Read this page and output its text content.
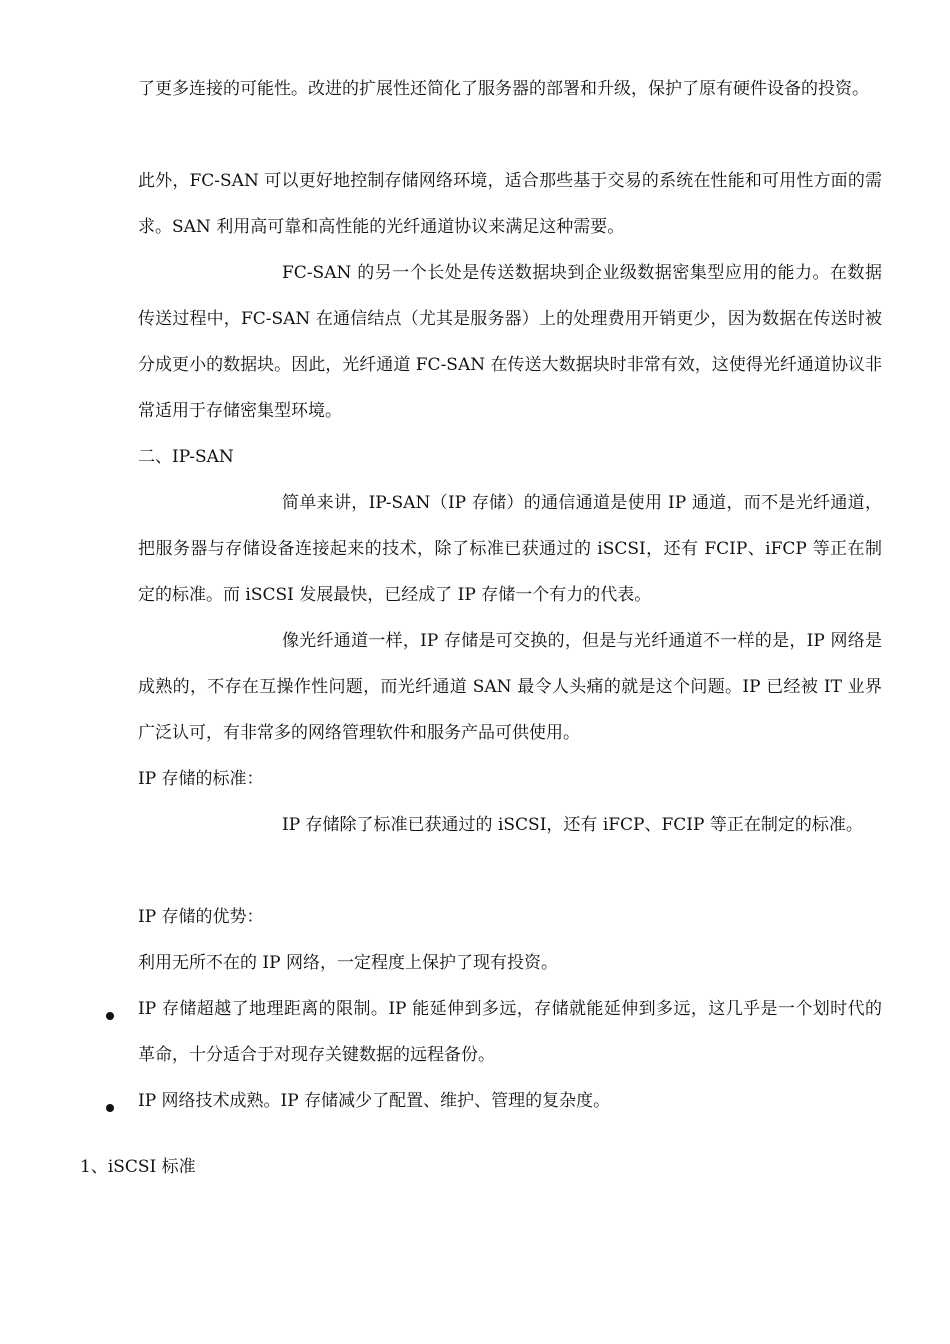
了更多连接的可能性。改进的扩展性还简化了服务器的部署和升级，保护了原有硬件设备的投资。

此外，FC-SAN 可以更好地控制存储网络环境，适合那些基于交易的系统在性能和可用性方面的需求。SAN 利用高可靠和高性能的光纤通道协议来满足这种需要。

FC-SAN 的另一个长处是传送数据块到企业级数据密集型应用的能力。在数据传送过程中，FC-SAN 在通信结点（尤其是服务器）上的处理费用开销更少，因为数据在传送时被分成更小的数据块。因此，光纤通道 FC-SAN 在传送大数据块时非常有效，这使得光纤通道协议非常适用于存储密集型环境。

二、IP-SAN

简单来讲，IP-SAN（IP 存储）的通信通道是使用 IP 通道，而不是光纤通道，把服务器与存储设备连接起来的技术，除了标准已获通过的 iSCSI，还有 FCIP、iFCP 等正在制定的标准。而 iSCSI 发展最快，已经成了 IP 存储一个有力的代表。

像光纤通道一样，IP 存储是可交换的，但是与光纤通道不一样的是，IP 网络是成熟的，不存在互操作性问题，而光纤通道 SAN 最令人头痛的就是这个问题。IP 已经被 IT 业界广泛认可，有非常多的网络管理软件和服务产品可供使用。

IP 存储的标准：

IP 存储除了标准已获通过的 iSCSI，还有 iFCP、FCIP 等正在制定的标准。

IP 存储的优势：

利用无所不在的 IP 网络，一定程度上保护了现有投资。

IP 存储超越了地理距离的限制。IP 能延伸到多远，存储就能延伸到多远，这几乎是一个划时代的革命，十分适合于对现存关键数据的远程备份。

IP 网络技术成熟。IP 存储减少了配置、维护、管理的复杂度。

1、iSCSI 标准
